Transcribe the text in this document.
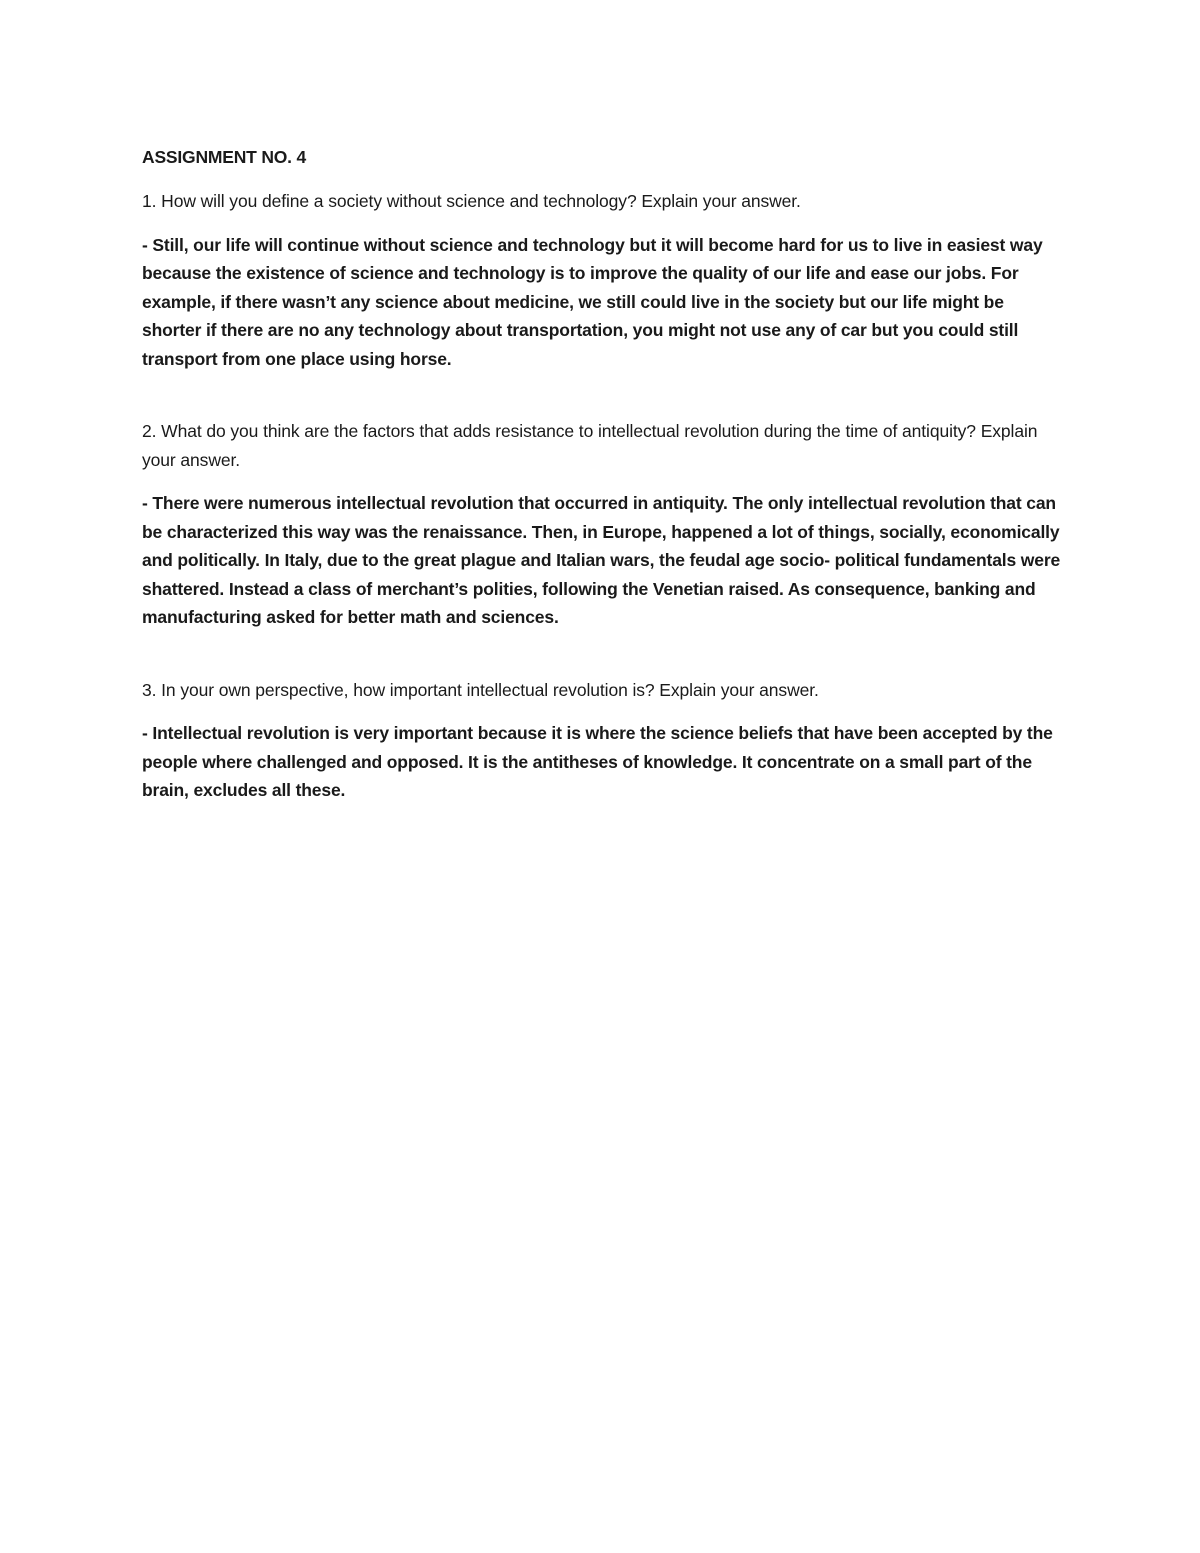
ASSIGNMENT NO. 4

1. How will you define a society without science and technology? Explain your answer.

- Still, our life will continue without science and technology but it will become hard for us to live in easiest way because the existence of science and technology is to improve the quality of our life and ease our jobs. For example, if there wasn’t any science about medicine, we still could live in the society but our life might be shorter if there are no any technology about transportation, you might not use any of car but you could still transport from one place using horse.

2. What do you think are the factors that adds resistance to intellectual revolution during the time of antiquity? Explain your answer.

- There were numerous intellectual revolution that occurred in antiquity. The only intellectual revolution that can be characterized this way was the renaissance. Then, in Europe, happened a lot of things, socially, economically and politically. In Italy, due to the great plague and Italian wars, the feudal age socio- political fundamentals were shattered. Instead a class of merchant’s polities, following the Venetian raised. As consequence, banking and manufacturing asked for better math and sciences.

3. In your own perspective, how important intellectual revolution is? Explain your answer.

- Intellectual revolution is very important because it is where the science beliefs that have been accepted by the people where challenged and opposed. It is the antitheses of knowledge. It concentrate on a small part of the brain, excludes all these.
